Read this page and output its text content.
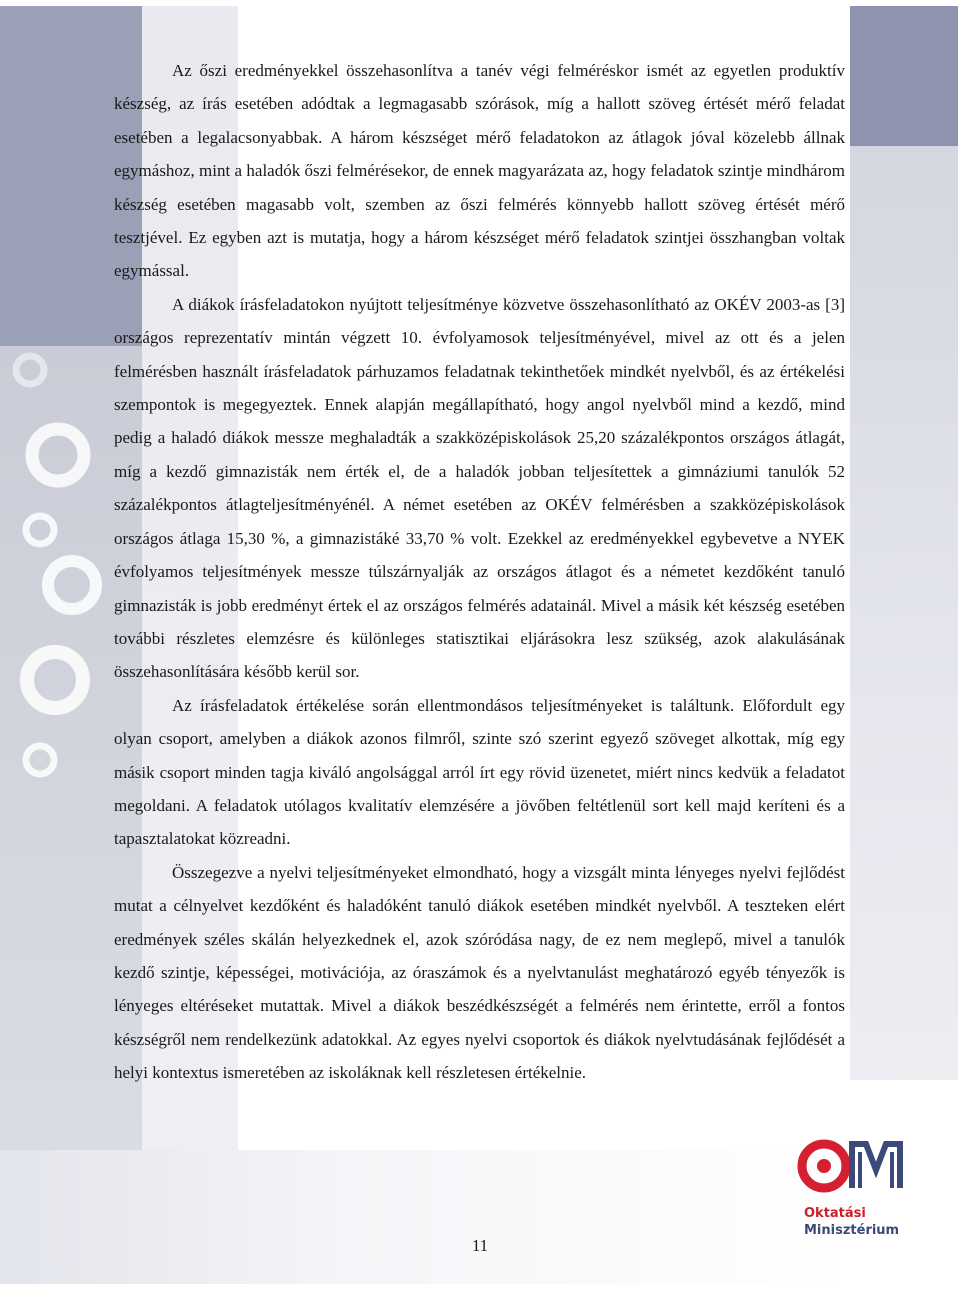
Az őszi eredményekkel összehasonlítva a tanév végi felméréskor ismét az egyetlen produktív készség, az írás esetében adódtak a legmagasabb szórások, míg a hallott szöveg értését mérő feladat esetében a legalacsonyabbak. A három készséget mérő feladatokon az átlagok jóval közelebb állnak egymáshoz, mint a haladók őszi felmérésekor, de ennek magyarázata az, hogy feladatok szintje mindhárom készség esetében magasabb volt, szemben az őszi felmérés könnyebb hallott szöveg értését mérő tesztjével. Ez egyben azt is mutatja, hogy a három készséget mérő feladatok szintjei összhangban voltak egymással.

A diákok írásfeladatokon nyújtott teljesítménye közvetve összehasonlítható az OKÉV 2003-as [3] országos reprezentatív mintán végzett 10. évfolyamosok teljesítményével, mivel az ott és a jelen felmérésben használt írásfeladatok párhuzamos feladatnak tekinthetőek mindkét nyelvből, és az értékelési szempontok is megegyeztek. Ennek alapján megállapítható, hogy angol nyelvből mind a kezdő, mind pedig a haladó diákok messze meghaladták a szakközépiskolások 25,20 százalékpontos országos átlagát, míg a kezdő gimnazisták nem érték el, de a haladók jobban teljesítettek a gimnáziumi tanulók 52 százalékpontos átlagteljesítményénél. A német esetében az OKÉV felmérésben a szakközépiskolások országos átlaga 15,30 %, a gimnazistáké 33,70 % volt. Ezekkel az eredményekkel egybevetve a NYEK évfolyamos teljesítmények messze túlszárnyalják az országos átlagot és a németet kezdőként tanuló gimnazisták is jobb eredményt értek el az országos felmérés adatainál. Mivel a másik két készség esetében további részletes elemzésre és különleges statisztikai eljárásokra lesz szükség, azok alakulásának összehasonlítására később kerül sor.

Az írásfeladatok értékelése során ellentmondásos teljesítményeket is találtunk. Előfordult egy olyan csoport, amelyben a diákok azonos filmről, szinte szó szerint egyező szöveget alkottak, míg egy másik csoport minden tagja kiváló angolsággal arról írt egy rövid üzenetet, miért nincs kedvük a feladatot megoldani. A feladatok utólagos kvalitatív elemzésére a jövőben feltétlenül sort kell majd keríteni és a tapasztalatokat közreadni.

Összegezve a nyelvi teljesítményeket elmondható, hogy a vizsgált minta lényeges nyelvi fejlődést mutat a célnyelvet kezdőként és haladóként tanuló diákok esetében mindkét nyelvből. A teszteken elért eredmények széles skálán helyezkednek el, azok szóródása nagy, de ez nem meglepő, mivel a tanulók kezdő szintje, képességei, motivációja, az óraszámok és a nyelvtanulást meghatározó egyéb tényezők is lényeges eltéréseket mutattak. Mivel a diákok beszédkészségét a felmérés nem érintette, erről a fontos készségről nem rendelkezünk adatokkal. Az egyes nyelvi csoportok és diákok nyelvtudásának fejlődését a helyi kontextus ismeretében az iskoláknak kell részletesen értékelnie.

11
Oktatási
Minisztérium
